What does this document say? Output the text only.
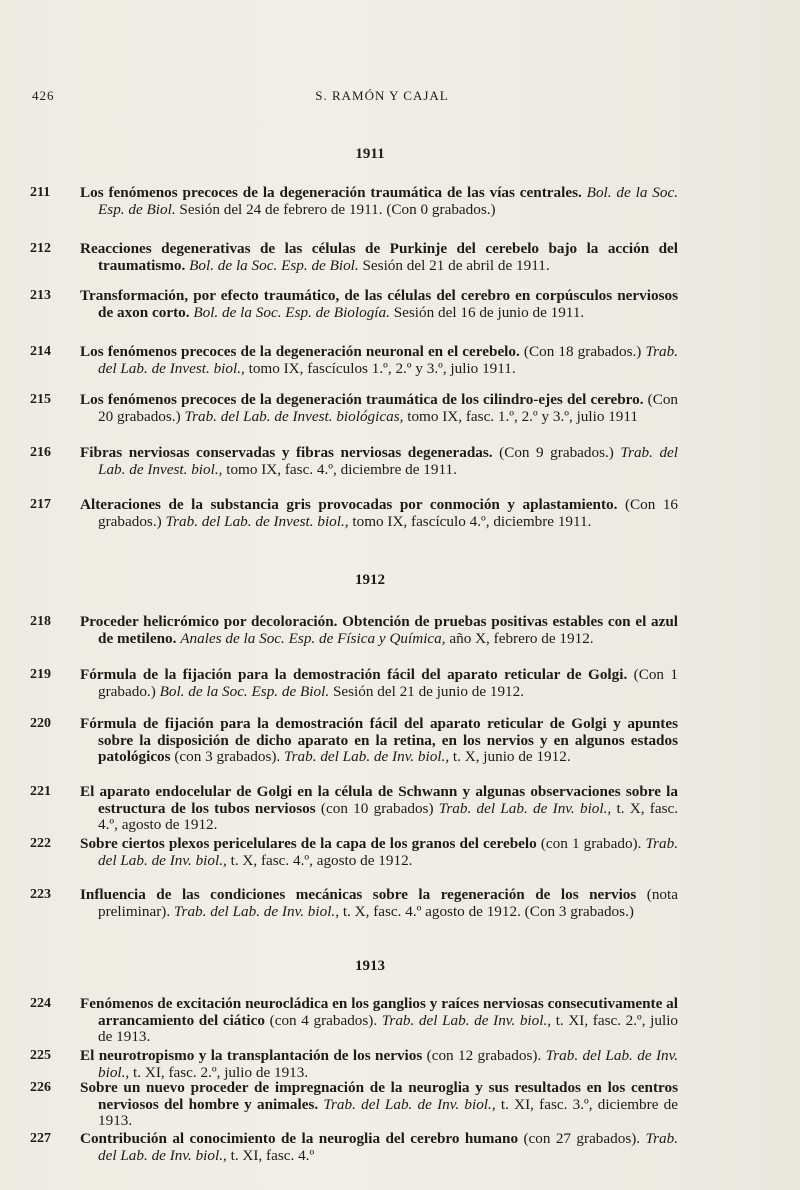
426	S. RAMÓN Y CAJAL
1911
211	Los fenómenos precoces de la degeneración traumática de las vías centrales. Bol. de la Soc. Esp. de Biol. Sesión del 24 de febrero de 1911. (Con 0 grabados.)
212	Reacciones degenerativas de las células de Purkinje del cerebelo bajo la acción del traumatismo. Bol. de la Soc. Esp. de Biol. Sesión del 21 de abril de 1911.
213	Transformación, por efecto traumático, de las células del cerebro en corpúsculos nerviosos de axon corto. Bol. de la Soc. Esp. de Biología. Sesión del 16 de junio de 1911.
214	Los fenómenos precoces de la degeneración neuronal en el cerebelo. (Con 18 grabados.) Trab. del Lab. de Invest. biol., tomo IX, fascículos 1.º, 2.º y 3.º, julio 1911.
215	Los fenómenos precoces de la degeneración traumática de los cilindro-ejes del cerebro. (Con 20 grabados.) Trab. del Lab. de Invest. biológicas, tomo IX, fasc. 1.º, 2.º y 3.º, julio 1911
216	Fibras nerviosas conservadas y fibras nerviosas degeneradas. (Con 9 grabados.) Trab. del Lab. de Invest. biol., tomo IX, fasc. 4.º, diciembre de 1911.
217	Alteraciones de la substancia gris provocadas por conmoción y aplastamiento. (Con 16 grabados.) Trab. del Lab. de Invest. biol., tomo IX, fascículo 4.º, diciembre 1911.
1912
218	Proceder helicrómico por decoloración. Obtención de pruebas positivas estables con el azul de metileno. Anales de la Soc. Esp. de Física y Química, año X, febrero de 1912.
219	Fórmula de la fijación para la demostración fácil del aparato reticular de Golgi. (Con 1 grabado.) Bol. de la Soc. Esp. de Biol. Sesión del 21 de junio de 1912.
220	Fórmula de fijación para la demostración fácil del aparato reticular de Golgi y apuntes sobre la disposición de dicho aparato en la retina, en los nervios y en algunos estados patológicos (con 3 grabados). Trab. del Lab. de Inv. biol., t. X, junio de 1912.
221	El aparato endocelular de Golgi en la célula de Schwann y algunas observaciones sobre la estructura de los tubos nerviosos (con 10 grabados) Trab. del Lab. de Inv. biol., t. X, fasc. 4.º, agosto de 1912.
222	Sobre ciertos plexos pericelulares de la capa de los granos del cerebelo (con 1 grabado). Trab. del Lab. de Inv. biol., t. X, fasc. 4.º, agosto de 1912.
223	Influencia de las condiciones mecánicas sobre la regeneración de los nervios (nota preliminar). Trab. del Lab. de Inv. biol., t. X, fasc. 4.º agosto de 1912. (Con 3 grabados.)
1913
224	Fenómenos de excitación neurocládica en los ganglios y raíces nerviosas consecutivamente al arrancamiento del ciático (con 4 grabados). Trab. del Lab. de Inv. biol., t. XI, fasc. 2.º, julio de 1913.
225	El neurotropismo y la transplantación de los nervios (con 12 grabados). Trab. del Lab. de Inv. biol., t. XI, fasc. 2.º, julio de 1913.
226	Sobre un nuevo proceder de impregnación de la neuroglia y sus resultados en los centros nerviosos del hombre y animales. Trab. del Lab. de Inv. biol., t. XI, fasc. 3.º, diciembre de 1913.
227	Contribución al conocimiento de la neuroglia del cerebro humano (con 27 grabados). Trab. del Lab. de Inv. biol., t. XI, fasc. 4.º
